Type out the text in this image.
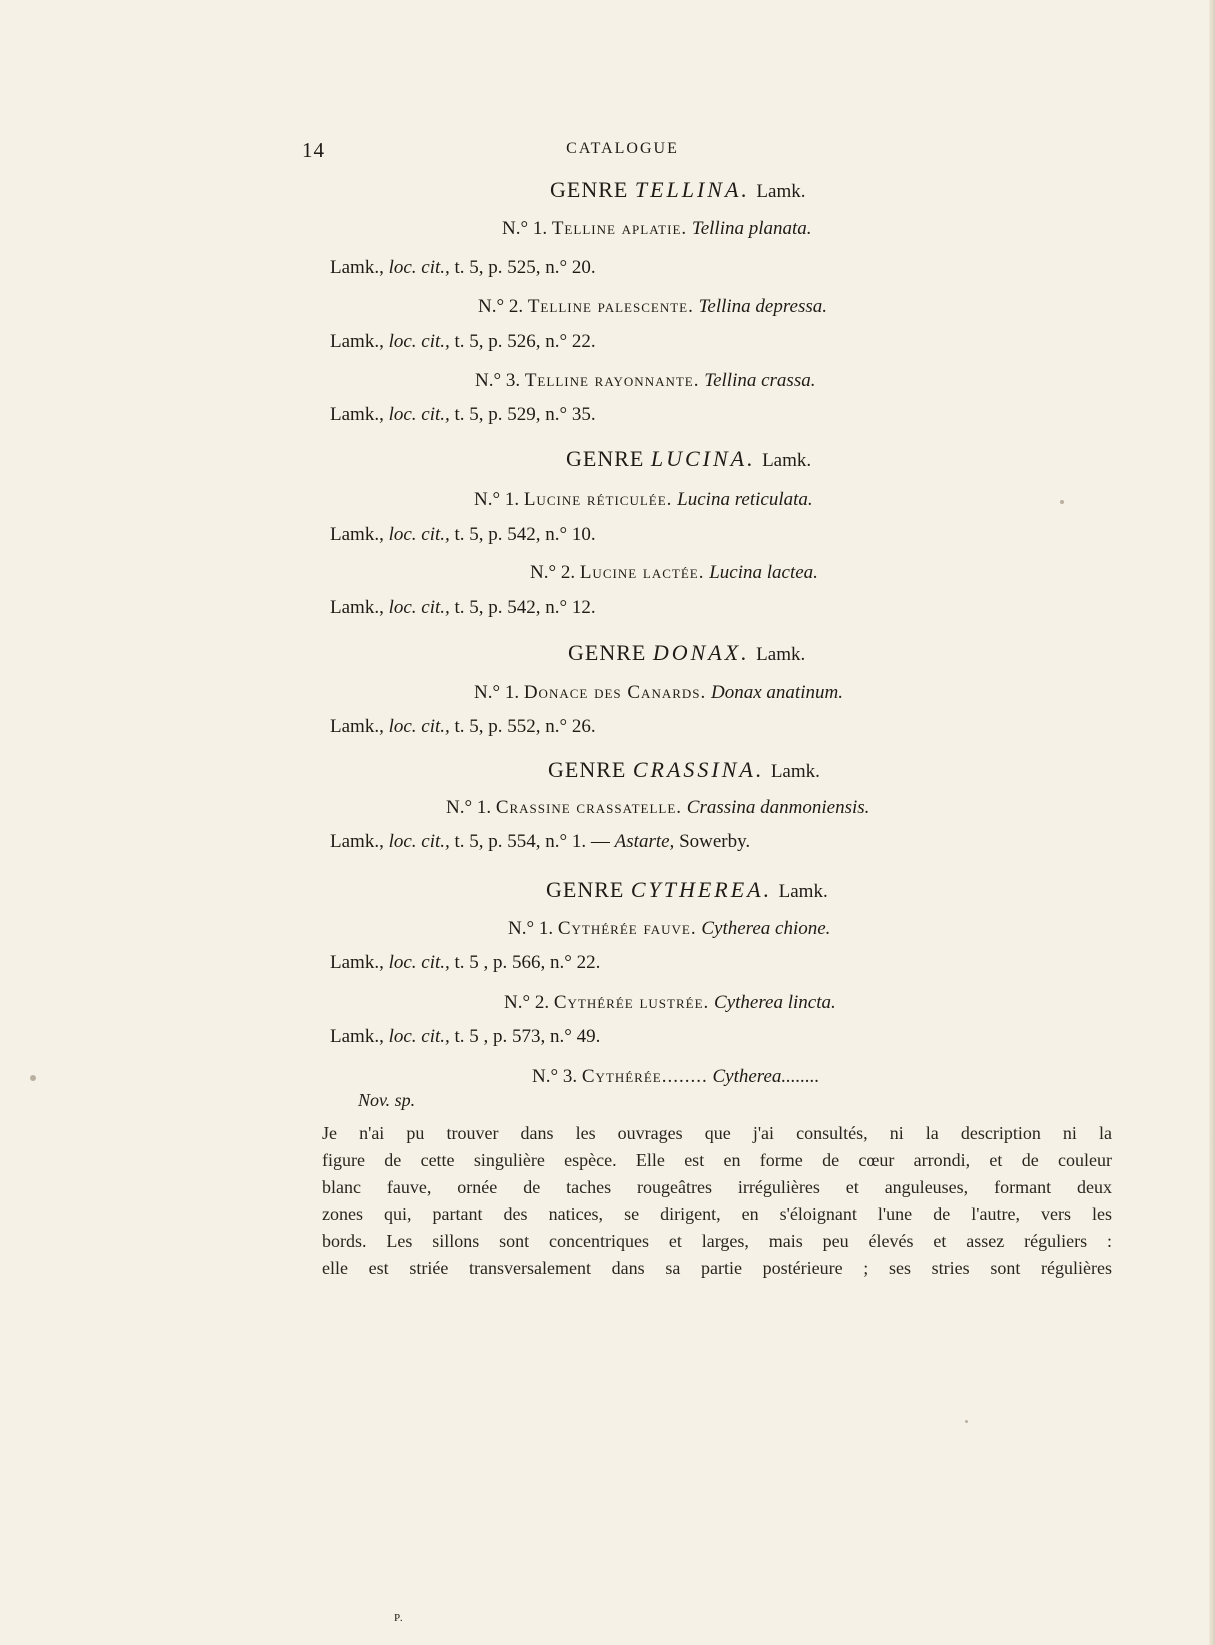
14	CATALOGUE
GENRE TELLINA. Lamk.
N.° 1. Telline aplatie. Tellina planata.
Lamk., loc. cit., t. 5, p. 525, n.° 20.
N.° 2. Telline palescente. Tellina depressa.
Lamk., loc. cit., t. 5, p. 526, n.° 22.
N.° 3. Telline rayonnante. Tellina crassa.
Lamk., loc. cit., t. 5, p. 529, n.° 35.
GENRE LUCINA. Lamk.
N.° 1. Lucine réticulée. Lucina reticulata.
Lamk., loc. cit., t. 5, p. 542, n.° 10.
N.° 2. Lucine lactée. Lucina lactea.
Lamk., loc. cit., t. 5, p. 542, n.° 12.
GENRE DONAX. Lamk.
N.° 1. Donace des Canards. Donax anatinum.
Lamk., loc. cit., t. 5, p. 552, n.° 26.
GENRE CRASSINA. Lamk.
N.° 1. Crassine crassatelle. Crassina danmoniensis.
Lamk., loc. cit., t. 5, p. 554, n.° 1. — Astarte, Sowerby.
GENRE CYTHEREA. Lamk.
N.° 1. Cythérée fauve. Cytherea chione.
Lamk., loc. cit., t. 5 , p. 566, n.° 22.
N.° 2. Cythérée lustrée. Cytherea lincta.
Lamk., loc. cit., t. 5 , p. 573, n.° 49.
N.° 3. Cythérée........ Cytherea........
Nov. sp.

Je n'ai pu trouver dans les ouvrages que j'ai consultés, ni la description ni la

figure de cette singulière espèce. Elle est en forme de cœur arrondi, et de couleur

blanc fauve, ornée de taches rougeâtres irrégulières et anguleuses, formant deux

zones qui, partant des natices, se dirigent, en s'éloignant l'une de l'autre, vers les

bords. Les sillons sont concentriques et larges, mais peu élevés et assez réguliers :

elle est striée transversalement dans sa partie postérieure ; ses stries sont régulières

P.
